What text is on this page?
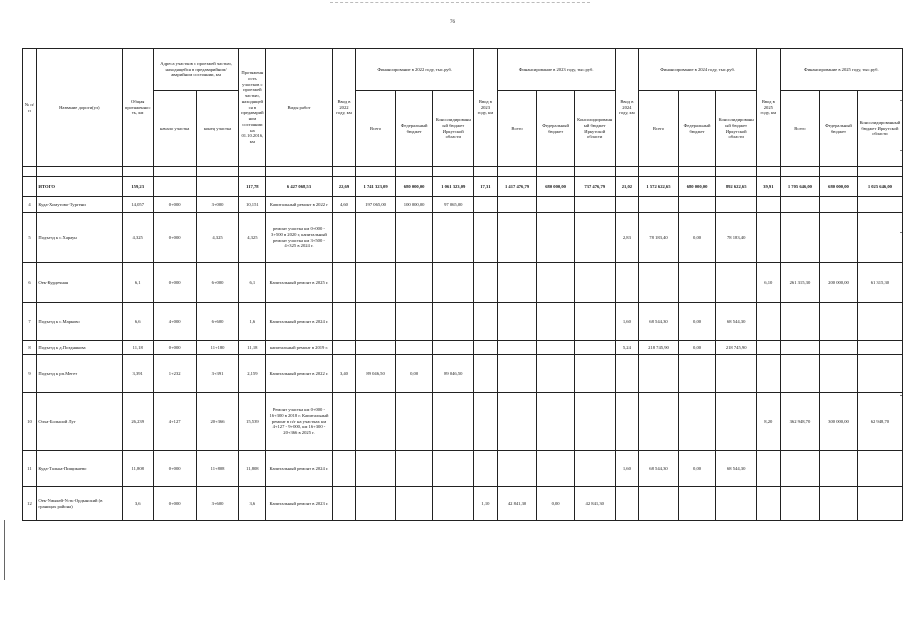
76
№ п/п	Название дороги(ул)	Общая протяженность, км	Адреса участков с проезжей частью, находящейся в предаварийном/аварийном состоянии, км		Протяженность участков с проезжей частью, находящейся в предаварийном состоянии на 01.10.2016, км	Виды работ	Ввод в 2022 году, км	Финансирование в 2022 году, тыс.руб.			Ввод в 2023 году, км	Финансирование в 2023 году, тыс.руб.			Ввод в 2024 году, км	Финансирование в 2024 году, тыс.руб.			Ввод в 2025 году, км	Финансирование в 2025 году, тыс.руб.		
			начало участка	конец участка				Всего	Федеральный бюджет	Консолидированный бюджет Иркутской области		Всего	Федеральный бюджет	Консолидированный бюджет Иркутской области		Всего	Федеральный бюджет	Консолидированный бюджет Иркутской области		Всего	Федеральный бюджет	Консолидированный бюджет Иркутской области

	ИТОГО	159,23			117,78	6 427 068,53	22,69	1 741 323,09	680 000,00	1 061 323,09	17,31	1 417 476,79	680 000,00	737 476,79	21,02	1 572 622,65	680 000,00	892 622,65	39,91	1 705 646,00	680 000,00	1 025 646,00
4	Куда-Хомутово-Тургени	14,057	0+000	3+000	10,151	Капитальный ремонт в 2022 г	4,60	197 065,00	100 000,00	97 065,00												
5	Подъезд к с.Хараун	4,325	0+000	4,325	4,325	ремонт участка км 0+000 - 3+500 в 2020 г, капитальный ремонт участка км 3+500 - 4+325 в 2024 г.									2,83	78 183,40	0,00	78 183,40				
6	Оек-Курдечная	6,1	0+000	6+000	6,1	Капитальный ремонт в 2025 г.													6,10	261 315,30	200 000,00	61 315,30
7	Подъезд к с.Марково	6,6	4+000	6+600	1,6	Капитальный ремонт в 2024 г.									1,60	68 544,30	0,00	68 544,30				
8	Подъезд к д.Позднякова	11,18	0+000	11+180	11,18	капитальный ремонт в 2019 г.									5,24	218 745,90	0,00	218 745,90				
9	Подъезд к рп.Мегет	3,391	1+232	3+391	2,159	Капитальный ремонт в 2022 г.	3,40	89 046,50	0,00	89 046,50												
10	Олха-Большой Луг	26,239	4+127	20+366	15,539	Ремонт участка км 0+000 - 16+300 в 2018 г. Капитальный ремонт в п/г на участках км 4+127 - 9+000, км 16+300 - 20+366 в 2025 г.													8,20	362 948,70	300 000,00	62 948,70
11	Куда-Талька-Пищикаево	11,808	0+000	11+808	11,808	Капитальный ремонт в 2024 г.									1,60	68 544,30	0,00	68 544,30				
12	Оек-Умыкей-Усть-Ордынский (в границах района)	3,6	0+000	3+600	3,6	Капитальный ремонт в 2023 г.					1,10	42 841,30	0,00	42 841,30								
